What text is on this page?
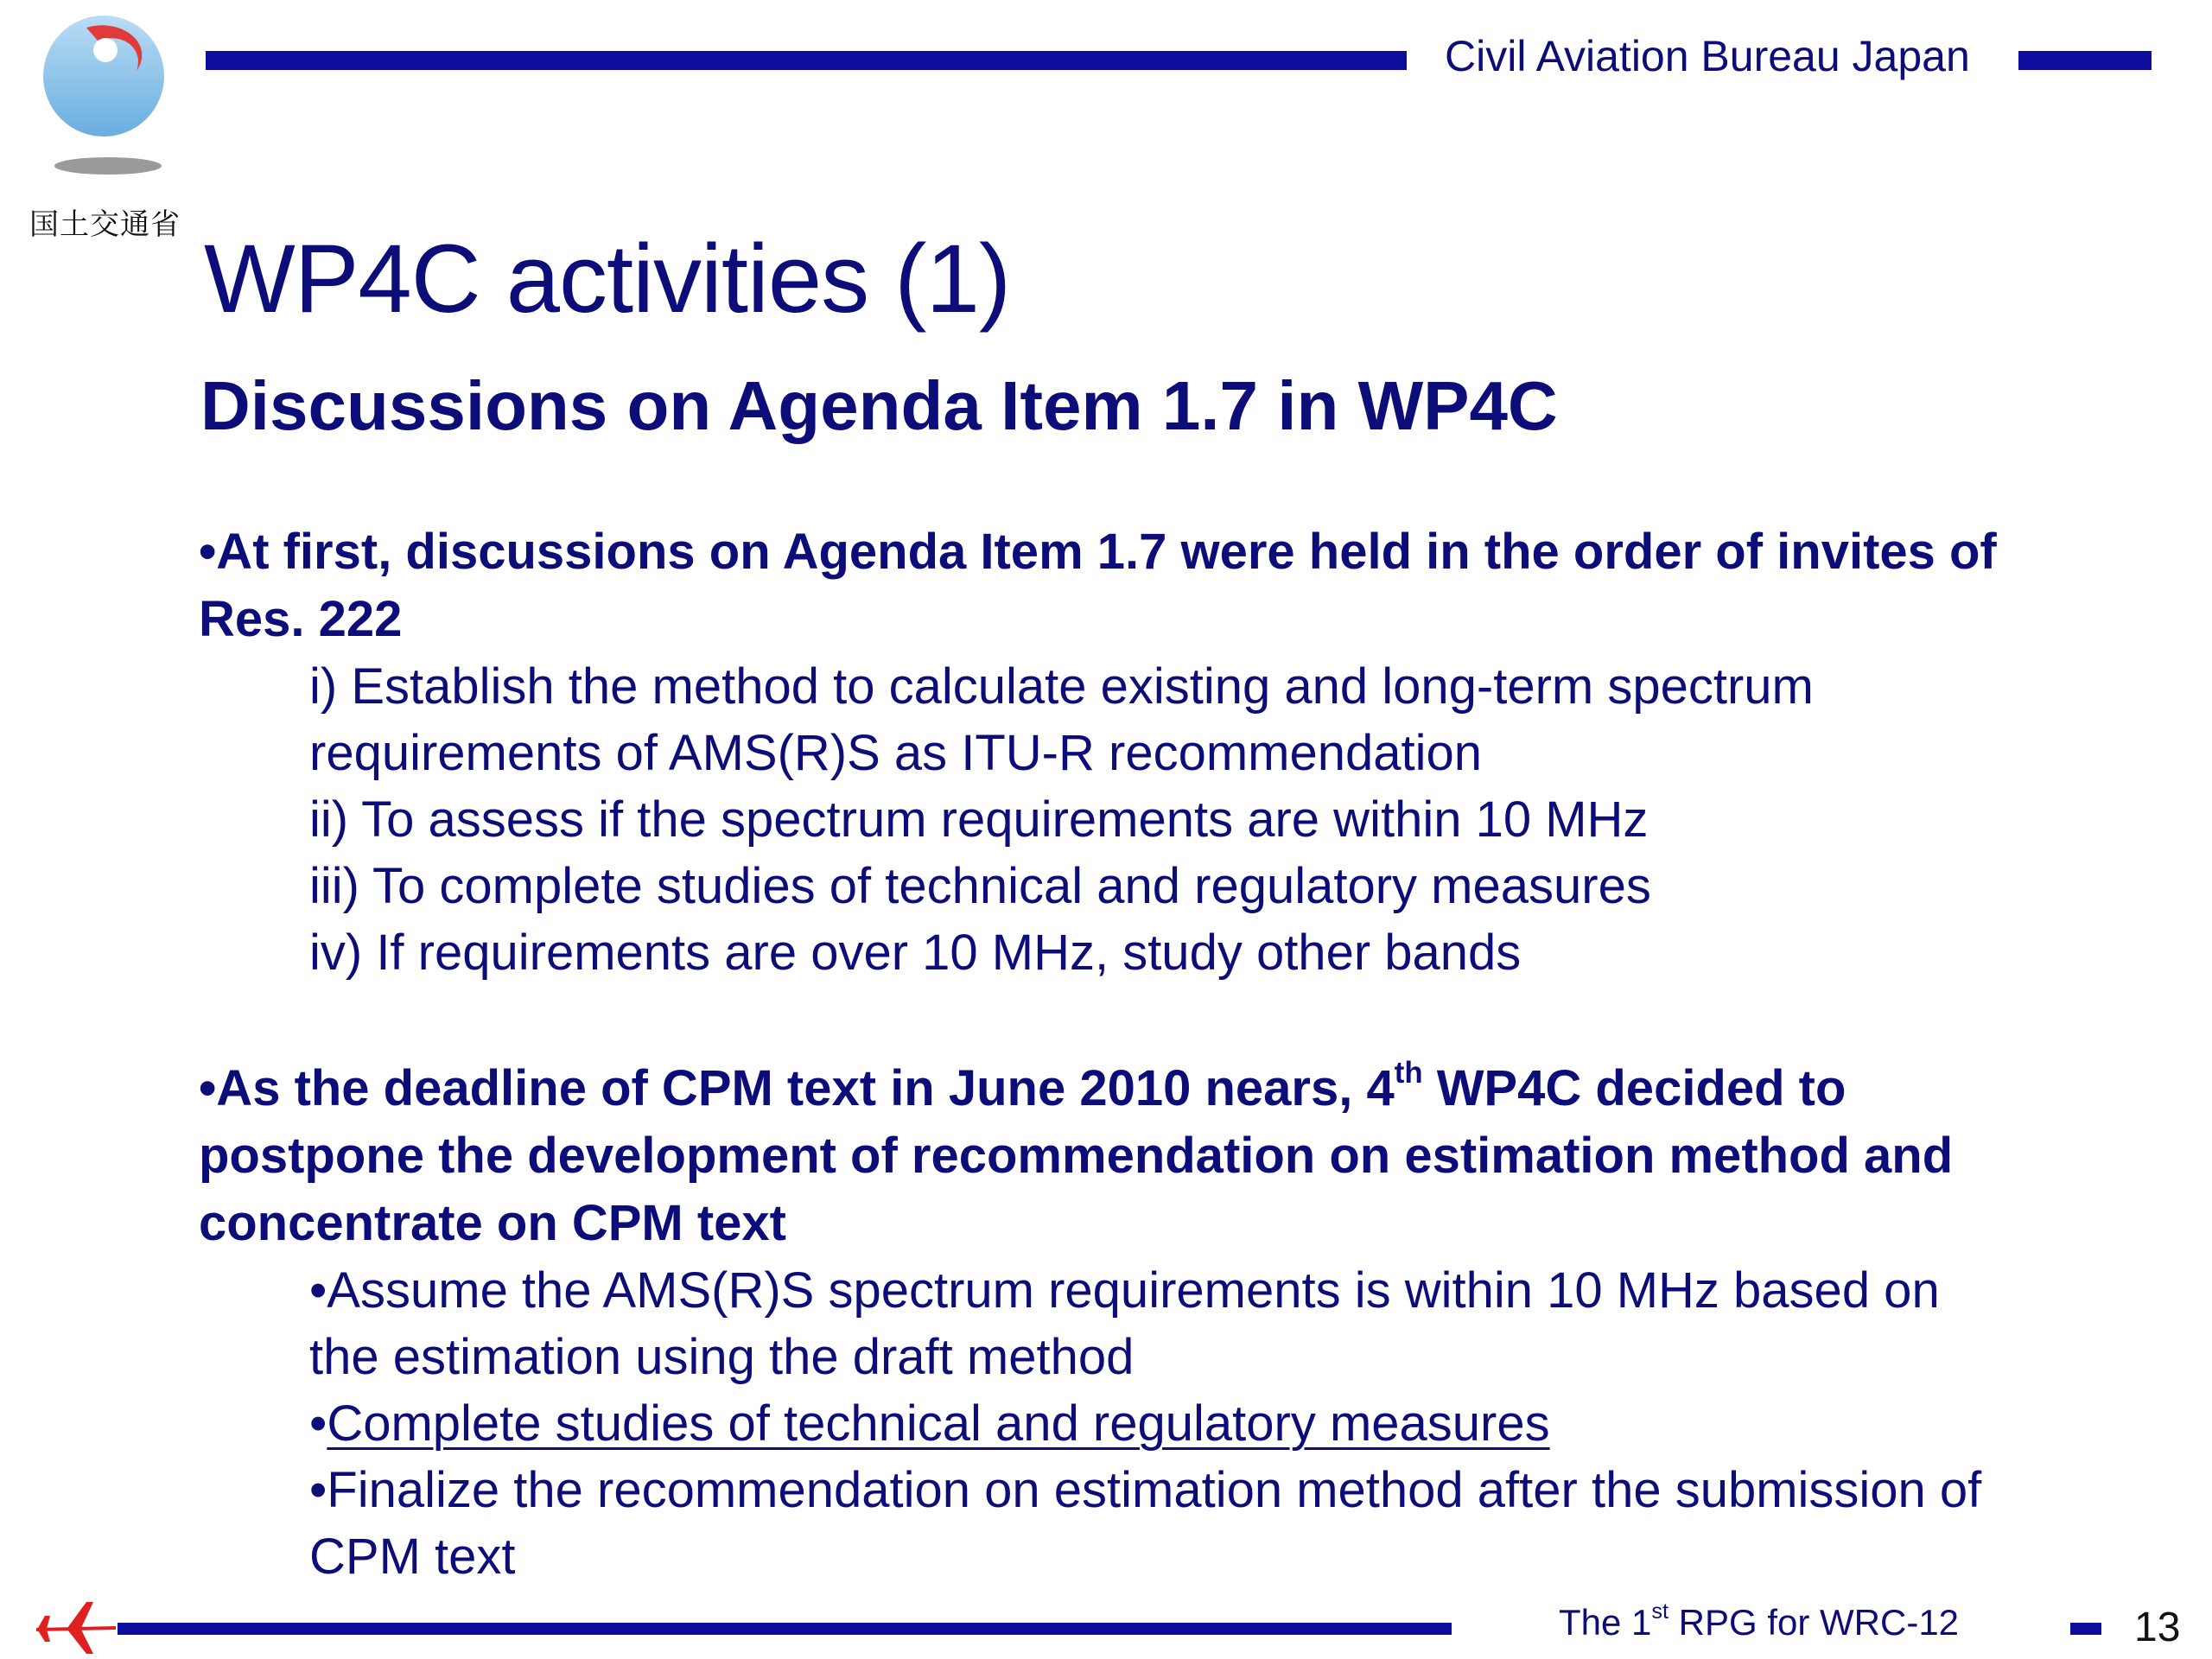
国土交通省
Civil Aviation Bureau Japan
WP4C activities (1)
Discussions on Agenda Item 1.7 in WP4C
•At first, discussions on Agenda Item 1.7 were held in the order of invites of Res. 222
i) Establish the method to calculate existing and long-term spectrum requirements of AMS(R)S as ITU-R recommendation
ii) To assess if the spectrum requirements are within 10 MHz
iii) To complete studies of technical and regulatory measures
iv) If requirements are over 10 MHz, study other bands
•As the deadline of CPM text in June 2010 nears, 4th WP4C decided to postpone the development of recommendation on estimation method and concentrate on CPM text
•Assume the AMS(R)S spectrum requirements is within 10 MHz based on the estimation using the draft method
•Complete studies of technical and regulatory measures
•Finalize the recommendation on estimation method after the submission of CPM text
The 1st RPG for WRC-12	13
